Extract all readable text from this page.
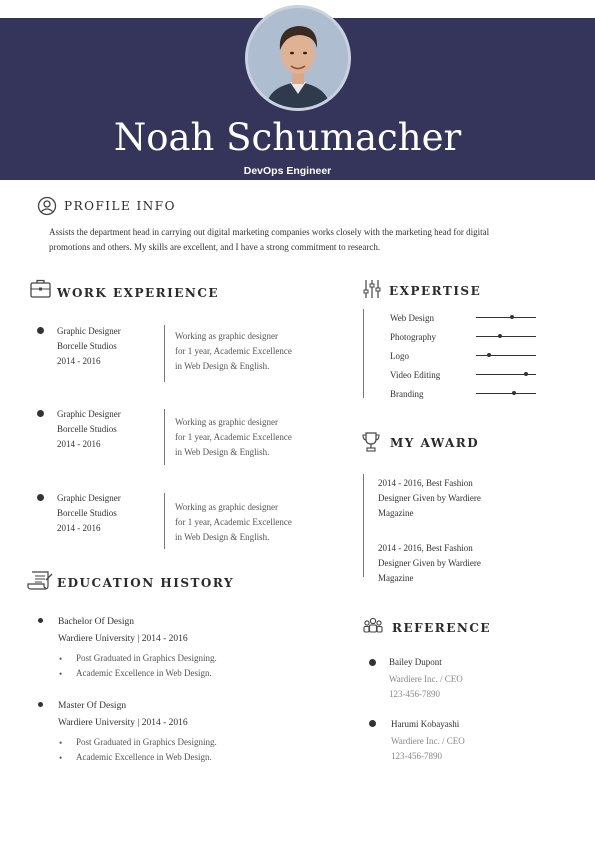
Noah Schumacher
DevOps Engineer
PROFILE INFO
Assists the department head in carrying out digital marketing companies works closely with the marketing head for digital promotions and others. My skills are excellent, and I have a strong commitment to research.
WORK EXPERIENCE
Graphic Designer
Borcelle Studios
2014 - 2016
Working as graphic designer
for 1 year, Academic Excellence
in Web Design & English.
Graphic Designer
Borcelle Studios
2014 - 2016
Working as graphic designer
for 1 year, Academic Excellence
in Web Design & English.
Graphic Designer
Borcelle Studios
2014 - 2016
Working as graphic designer
for 1 year, Academic Excellence
in Web Design & English.
EDUCATION HISTORY
Bachelor Of Design
Wardiere University | 2014 - 2016
• Post Graduated in Graphics Designing.
• Academic Excellence in Web Design.
Master Of Design
Wardiere University | 2014 - 2016
• Post Graduated in Graphics Designing.
• Academic Excellence in Web Design.
EXPERTISE
Web Design
Photography
Logo
Video Editing
Branding
MY AWARD
2014 - 2016, Best Fashion
Designer Given by Wardiere
Magazine
2014 - 2016, Best Fashion
Designer Given by Wardiere
Magazine
REFERENCE
Bailey Dupont
Wardiere Inc. / CEO
123-456-7890
Harumi Kobayashi
Wardiere Inc. / CEO
123-456-7890
